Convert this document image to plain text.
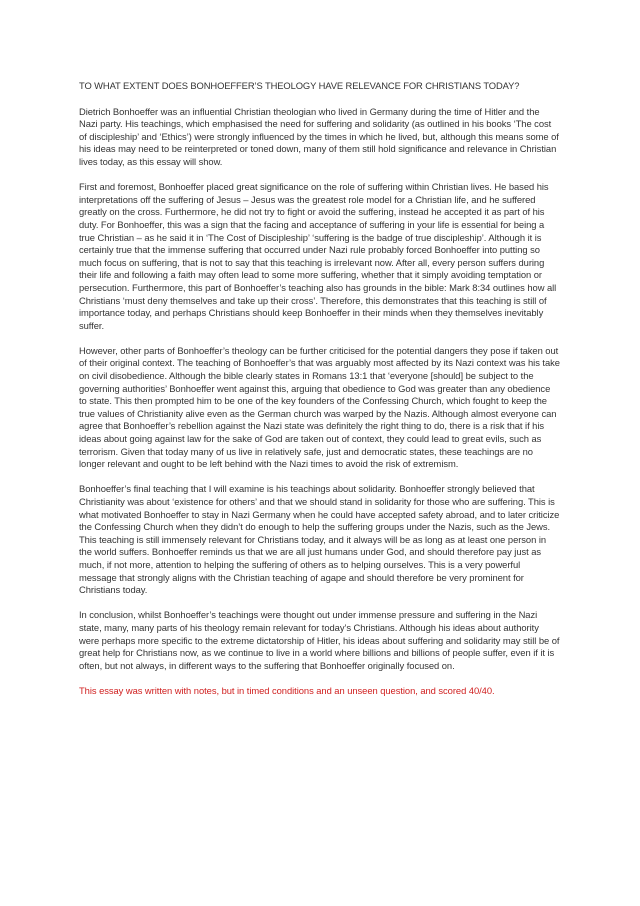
TO WHAT EXTENT DOES BONHOEFFER’S THEOLOGY HAVE RELEVANCE FOR CHRISTIANS TODAY?

Dietrich Bonhoeffer was an influential Christian theologian who lived in Germany during the time of Hitler and the Nazi party. His teachings, which emphasised the need for suffering and solidarity (as outlined in his books ‘The cost of discipleship’ and ‘Ethics’) were strongly influenced by the times in which he lived, but, although this means some of his ideas may need to be reinterpreted or toned down, many of them still hold significance and relevance in Christian lives today, as this essay will show.

First and foremost, Bonhoeffer placed great significance on the role of suffering within Christian lives. He based his interpretations off the suffering of Jesus – Jesus was the greatest role model for a Christian life, and he suffered greatly on the cross. Furthermore, he did not try to fight or avoid the suffering, instead he accepted it as part of his duty. For Bonhoeffer, this was a sign that the facing and acceptance of suffering in your life is essential for being a true Christian – as he said it in ‘The Cost of Discipleship’ ‘suffering is the badge of true discipleship’. Although it is certainly true that the immense suffering that occurred under Nazi rule probably forced Bonhoeffer into putting so much focus on suffering, that is not to say that this teaching is irrelevant now. After all, every person suffers during their life and following a faith may often lead to some more suffering, whether that it simply avoiding temptation or persecution. Furthermore, this part of Bonhoeffer’s teaching also has grounds in the bible: Mark 8:34 outlines how all Christians ‘must deny themselves and take up their cross’. Therefore, this demonstrates that this teaching is still of importance today, and perhaps Christians should keep Bonhoeffer in their minds when they themselves inevitably suffer.

However, other parts of Bonhoeffer’s theology can be further criticised for the potential dangers they pose if taken out of their original context. The teaching of Bonhoeffer’s that was arguably most affected by its Nazi context was his take on civil disobedience. Although the bible clearly states in Romans 13:1 that ‘everyone [should] be subject to the governing authorities’ Bonhoeffer went against this, arguing that obedience to God was greater than any obedience to state. This then prompted him to be one of the key founders of the Confessing Church, which fought to keep the true values of Christianity alive even as the German church was warped by the Nazis. Although almost everyone can agree that Bonhoeffer’s rebellion against the Nazi state was definitely the right thing to do, there is a risk that if his ideas about going against law for the sake of God are taken out of context, they could lead to great evils, such as terrorism. Given that today many of us live in relatively safe, just and democratic states, these teachings are no longer relevant and ought to be left behind with the Nazi times to avoid the risk of extremism.

Bonhoeffer’s final teaching that I will examine is his teachings about solidarity. Bonhoeffer strongly believed that Christianity was about ‘existence for others’ and that we should stand in solidarity for those who are suffering. This is what motivated Bonhoeffer to stay in Nazi Germany when he could have accepted safety abroad, and to later criticize the Confessing Church when they didn’t do enough to help the suffering groups under the Nazis, such as the Jews. This teaching is still immensely relevant for Christians today, and it always will be as long as at least one person in the world suffers. Bonhoeffer reminds us that we are all just humans under God, and should therefore pay just as much, if not more, attention to helping the suffering of others as to helping ourselves. This is a very powerful message that strongly aligns with the Christian teaching of agape and should therefore be very prominent for Christians today.

In conclusion, whilst Bonhoeffer’s teachings were thought out under immense pressure and suffering in the Nazi state, many, many parts of his theology remain relevant for today’s Christians. Although his ideas about authority were perhaps more specific to the extreme dictatorship of Hitler, his ideas about suffering and solidarity may still be of great help for Christians now, as we continue to live in a world where billions and billions of people suffer, even if it is often, but not always, in different ways to the suffering that Bonhoeffer originally focused on.

This essay was written with notes, but in timed conditions and an unseen question, and scored 40/40.
